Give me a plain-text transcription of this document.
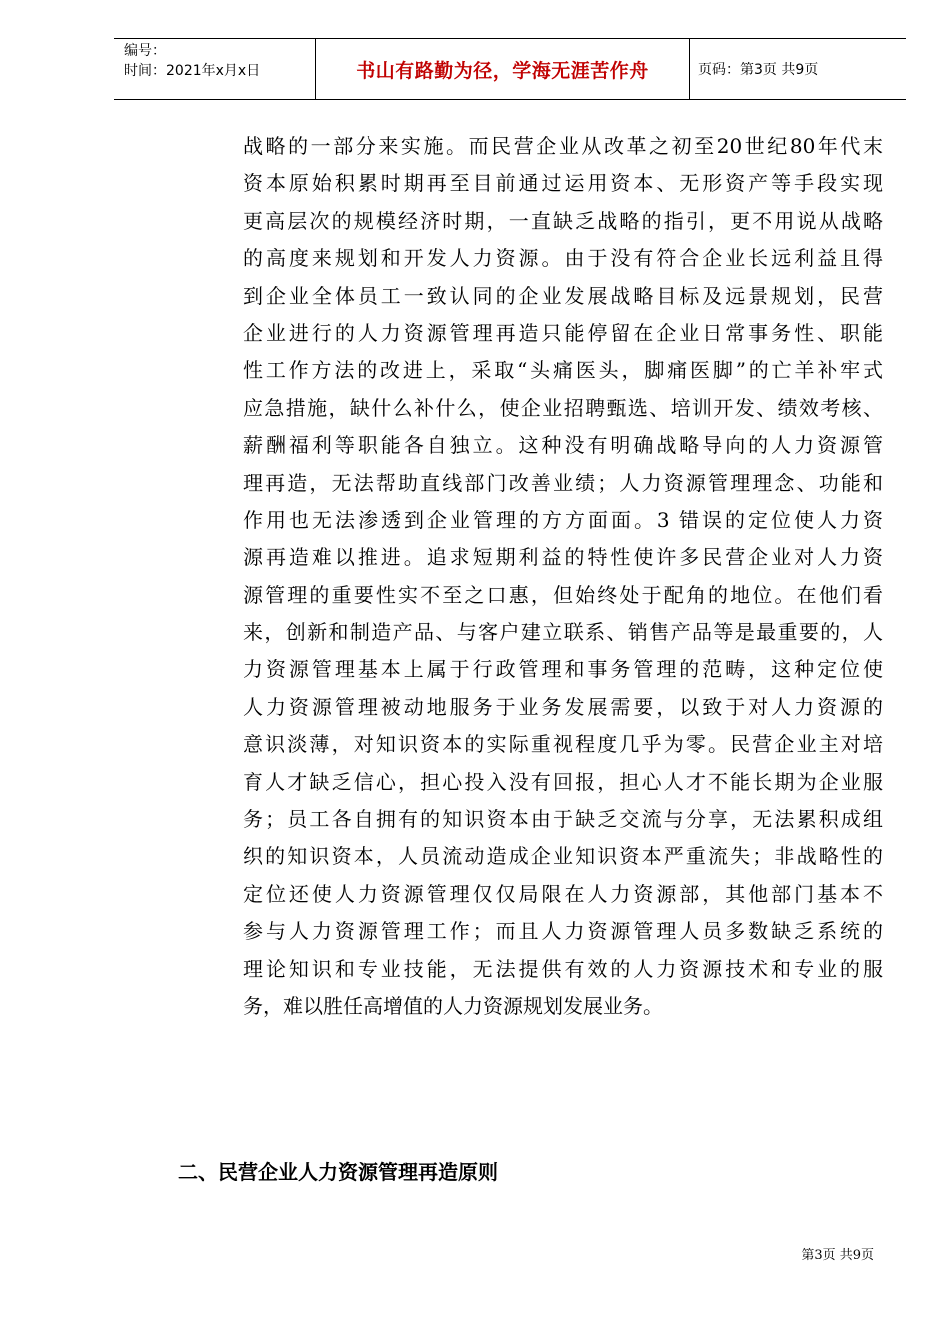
编号：
时间：2021年x月x日	书山有路勤为径，学海无涯苦作舟	页码：第3页 共9页
战略的一部分来实施。而民营企业从改革之初至20世纪80年代末
资本原始积累时期再至目前通过运用资本、无形资产等手段实现
更高层次的规模经济时期，一直缺乏战略的指引，更不用说从战略
的高度来规划和开发人力资源。由于没有符合企业长远利益且得
到企业全体员工一致认同的企业发展战略目标及远景规划，民营
企业进行的人力资源管理再造只能停留在企业日常事务性、职能
性工作方法的改进上，采取“头痛医头，脚痛医脚”的亡羊补牢式
应急措施，缺什么补什么，使企业招聘甄选、培训开发、绩效考核、
薪酬福利等职能各自独立。这种没有明确战略导向的人力资源管
理再造，无法帮助直线部门改善业绩；人力资源管理理念、功能和
作用也无法渗透到企业管理的方方面面。3 错误的定位使人力资
源再造难以推进。追求短期利益的特性使许多民营企业对人力资
源管理的重要性实不至之口惠，但始终处于配角的地位。在他们看
来，创新和制造产品、与客户建立联系、销售产品等是最重要的，人
力资源管理基本上属于行政管理和事务管理的范畴，这种定位使
人力资源管理被动地服务于业务发展需要，以致于对人力资源的
意识淡薄，对知识资本的实际重视程度几乎为零。民营企业主对培
育人才缺乏信心，担心投入没有回报，担心人才不能长期为企业服
务；员工各自拥有的知识资本由于缺乏交流与分享，无法累积成组
织的知识资本，人员流动造成企业知识资本严重流失；非战略性的
定位还使人力资源管理仅仅局限在人力资源部，其他部门基本不
参与人力资源管理工作；而且人力资源管理人员多数缺乏系统的
理论知识和专业技能，无法提供有效的人力资源技术和专业的服
务，难以胜任高增值的人力资源规划发展业务。
二、民营企业人力资源管理再造原则
第3页 共9页
